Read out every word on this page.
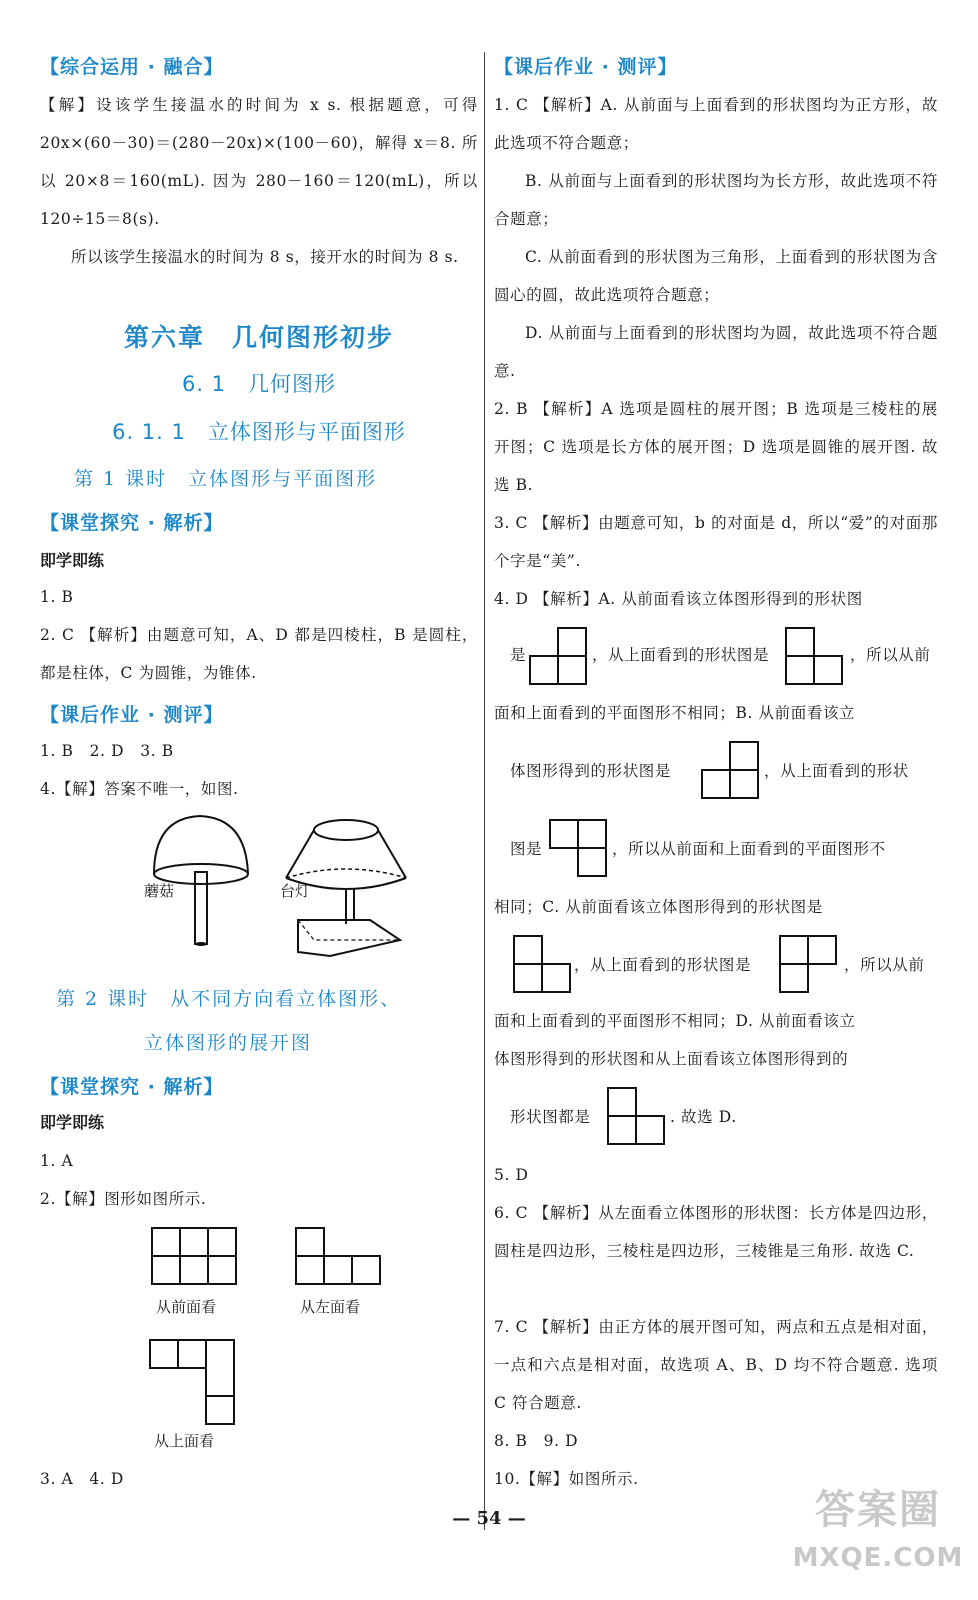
【综合运用 · 融合】
【解】设该学生接温水的时间为 x s. 根据题意，可得 20x×(60－30)＝(280－20x)×(100－60)，解得 x＝8. 所以 20×8＝160(mL). 因为 280－160＝120(mL)，所以 120÷15＝8(s).
所以该学生接温水的时间为 8 s，接开水的时间为 8 s.
第六章　几何图形初步
6. 1　几何图形
6. 1. 1　立体图形与平面图形
第 1 课时　立体图形与平面图形
【课堂探究 · 解析】
即学即练
1. B
2. C 【解析】由题意可知，A、D 都是四棱柱，B 是圆柱，都是柱体，C 为圆锥，为锥体.
【课后作业 · 测评】
1. B　2. D　3. B
4.【解】答案不唯一，如图.
蘑菇	台灯
第 2 课时　从不同方向看立体图形、
立体图形的展开图
【课堂探究 · 解析】
即学即练
1. A
2.【解】图形如图所示.
从前面看	从左面看
从上面看
3. A　4. D
【课后作业 · 测评】
1. C 【解析】A. 从前面与上面看到的形状图均为正方形，故此选项不符合题意；
B. 从前面与上面看到的形状图均为长方形，故此选项不符合题意；
C. 从前面看到的形状图为三角形，上面看到的形状图为含圆心的圆，故此选项符合题意；
D. 从前面与上面看到的形状图均为圆，故此选项不符合题意.
2. B 【解析】A 选项是圆柱的展开图；B 选项是三棱柱的展开图；C 选项是长方体的展开图；D 选项是圆锥的展开图. 故选 B.
3. C 【解析】由题意可知，b 的对面是 d，所以“爱”的对面那个字是“美”.
4. D 【解析】A. 从前面看该立体图形得到的形状图
是	，从上面看到的形状图是	，所以从前
面和上面看到的平面图形不相同；B. 从前面看该立
体图形得到的形状图是	，从上面看到的形状
图是	，所以从前面和上面看到的平面图形不
相同；C. 从前面看该立体图形得到的形状图是
，从上面看到的形状图是	，所以从前
面和上面看到的平面图形不相同；D. 从前面看该立
体图形得到的形状图和从上面看该立体图形得到的
形状图都是	. 故选 D.
5. D
6. C 【解析】从左面看立体图形的形状图：长方体是四边形，圆柱是四边形，三棱柱是四边形，三棱锥是三角形. 故选 C.
7. C 【解析】由正方体的展开图可知，两点和五点是相对面，一点和六点是相对面，故选项 A、B、D 均不符合题意. 选项 C 符合题意.
8. B　9. D
10.【解】如图所示.
— 54 —	答案圈
MXQE.COM
